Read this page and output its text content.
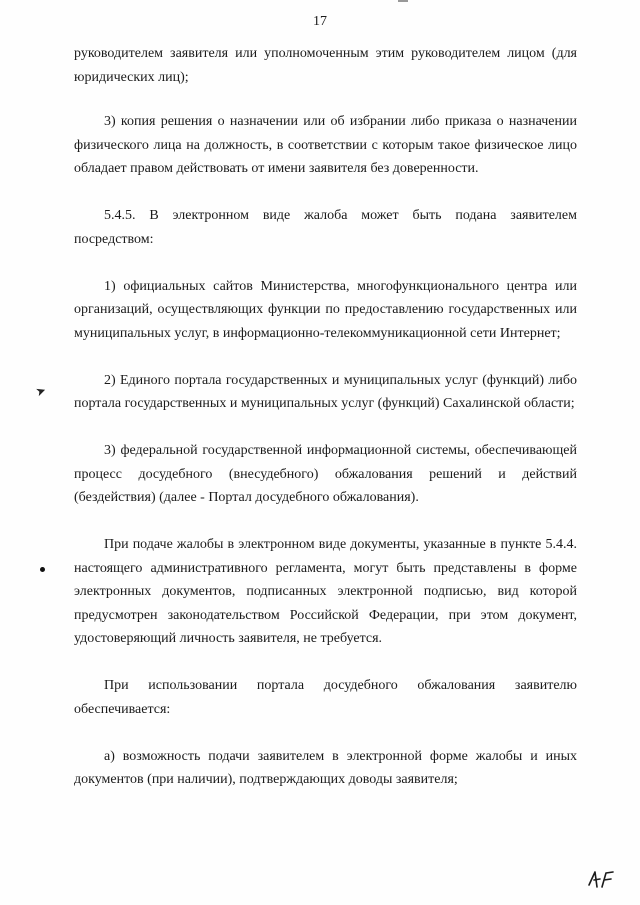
17

руководителем заявителя или уполномоченным этим руководителем лицом (для юридических лиц);

3) копия решения о назначении или об избрании либо приказа о назначении физического лица на должность, в соответствии с которым такое физическое лицо обладает правом действовать от имени заявителя без доверенности.

5.4.5. В электронном виде жалоба может быть подана заявителем посредством:

1) официальных сайтов Министерства, многофункционального центра или организаций, осуществляющих функции по предоставлению государственных или муниципальных услуг, в информационно-телекоммуникационной сети Интернет;

2) Единого портала государственных и муниципальных услуг (функций) либо портала государственных и муниципальных услуг (функций) Сахалинской области;

3) федеральной государственной информационной системы, обеспечивающей процесс досудебного (внесудебного) обжалования решений и действий (бездействия) (далее - Портал досудебного обжалования).

При подаче жалобы в электронном виде документы, указанные в пункте 5.4.4. настоящего административного регламента, могут быть представлены в форме электронных документов, подписанных электронной подписью, вид которой предусмотрен законодательством Российской Федерации, при этом документ, удостоверяющий личность заявителя, не требуется.

При использовании портала досудебного обжалования заявителю обеспечивается:

а) возможность подачи заявителем в электронной форме жалобы и иных документов (при наличии), подтверждающих доводы заявителя;

➤
